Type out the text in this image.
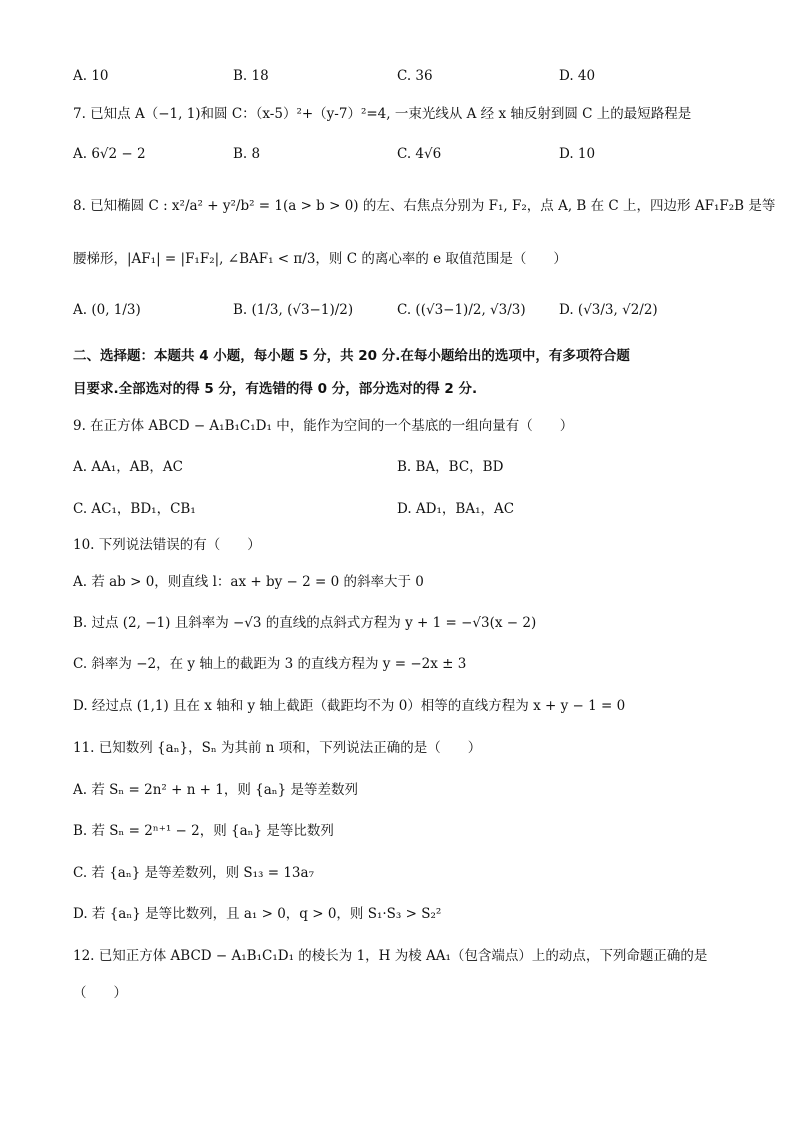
A. 10	B. 18	C. 36	D. 40
7. 已知点 A（−1, 1)和圆 C：（x-5）²+（y-7）²=4, 一束光线从 A 经 x 轴反射到圆 C 上的最短路程是
A. 6√2 − 2	B. 8	C. 4√6	D. 10
8. 已知椭圆 C : x²/a² + y²/b² = 1(a > b > 0) 的左、右焦点分别为 F₁, F₂，点 A, B 在 C 上，四边形 AF₁F₂B 是等
腰梯形，|AF₁| = |F₁F₂|, ∠BAF₁ < π/3，则 C 的离心率的 e 取值范围是（　　）
A. (0, 1/3)	B. (1/3, (√3−1)/2)	C. ((√3−1)/2, √3/3) D. (√3/3, √2/2)
二、选择题：本题共 4 小题，每小题 5 分，共 20 分.在每小题给出的选项中，有多项符合题
目要求.全部选对的得 5 分，有选错的得 0 分，部分选对的得 2 分.
9. 在正方体 ABCD − A₁B₁C₁D₁ 中，能作为空间的一个基底的一组向量有（　　）
A. AA₁，AB，AC	B. BA，BC，BD
C. AC₁，BD₁，CB₁	D. AD₁，BA₁，AC
10. 下列说法错误的有（　　）
A. 若 ab > 0，则直线 l：ax + by − 2 = 0 的斜率大于 0
B. 过点 (2, −1) 且斜率为 −√3 的直线的点斜式方程为 y + 1 = −√3(x − 2)
C. 斜率为 −2，在 y 轴上的截距为 3 的直线方程为 y = −2x ± 3
D. 经过点 (1,1) 且在 x 轴和 y 轴上截距（截距均不为 0）相等的直线方程为 x + y − 1 = 0
11. 已知数列 {aₙ}，Sₙ 为其前 n 项和，下列说法正确的是（　　）
A. 若 Sₙ = 2n² + n + 1，则 {aₙ} 是等差数列
B. 若 Sₙ = 2ⁿ⁺¹ − 2，则 {aₙ} 是等比数列
C. 若 {aₙ} 是等差数列，则 S₁₃ = 13a₇
D. 若 {aₙ} 是等比数列，且 a₁ > 0，q > 0，则 S₁·S₃ > S₂²
12. 已知正方体 ABCD − A₁B₁C₁D₁ 的棱长为 1，H 为棱 AA₁（包含端点）上的动点，下列命题正确的是
（　　）
